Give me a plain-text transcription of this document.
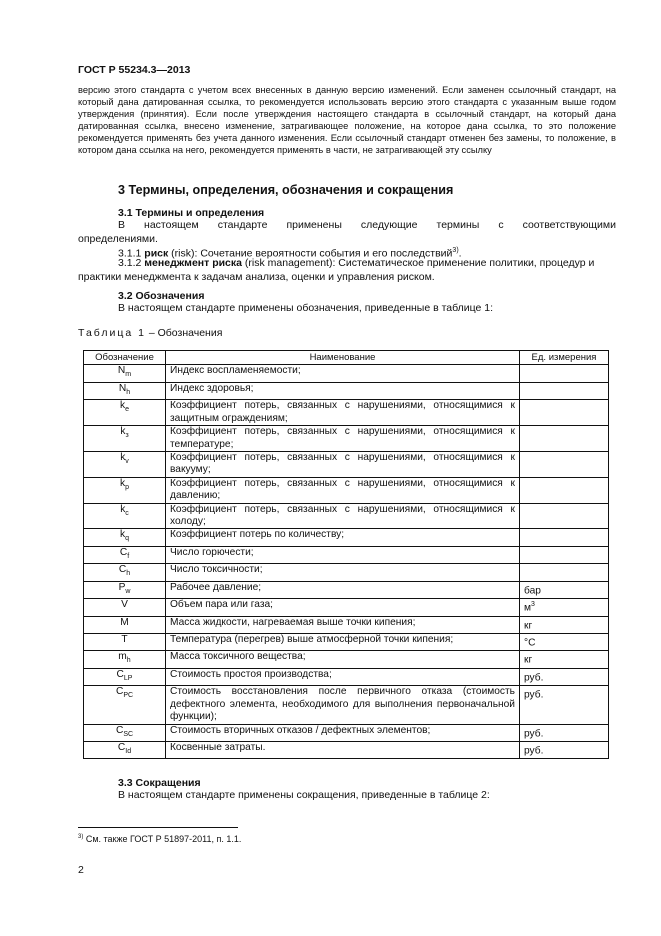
ГОСТ Р 55234.3—2013
версию этого стандарта с учетом всех внесенных в данную версию изменений. Если заменен ссылочный стандарт, на который дана датированная ссылка, то рекомендуется использовать версию этого стандарта с указанным выше годом утверждения (принятия). Если после утверждения настоящего стандарта в ссылочный стандарт, на который дана датированная ссылка, внесено изменение, затрагивающее положение, на которое дана ссылка, то это положение рекомендуется применять без учета данного изменения. Если ссылочный стандарт отменен без замены, то положение, в котором дана ссылка на него, рекомендуется применять в части, не затрагивающей эту ссылку
3 Термины, определения, обозначения и сокращения
3.1 Термины и определения
В настоящем стандарте применены следующие термины с соответствующими
определениями.
3.1.1 риск (risk): Сочетание вероятности события и его последствий$^{3)}$.
3.1.2 менеджмент риска (risk management): Систематическое применение политики, процедур и практики менеджмента к задачам анализа, оценки и управления риском.
3.2 Обозначения
В настоящем стандарте применены обозначения, приведенные в таблице 1:
Таблица 1 – Обозначения
Обозначение	Наименование	Ед. измерения
$N_m$	Индекс воспламеняемости;	
$N_h$	Индекс здоровья;	
$k_e$	Коэффициент потерь, связанных с нарушениями, относящимися к защитным ограждениям;	
$k_з$	Коэффициент потерь, связанных с нарушениями, относящимися к температуре;	
$k_v$	Коэффициент потерь, связанных с нарушениями, относящимися к вакууму;	
$k_p$	Коэффициент потерь, связанных с нарушениями, относящимися к давлению;	
$k_c$	Коэффициент потерь, связанных с нарушениями, относящимися к холоду;	
$k_q$	Коэффициент потерь по количеству;	
$C_f$	Число горючести;	
$C_h$	Число токсичности;	
$P_w$	Рабочее давление;	бар
V	Объем пара или газа;	$м^3$
M	Масса жидкости, нагреваемая выше точки кипения;	кг
T	Температура (перегрев) выше атмосферной точки кипения;	°С
$m_h$	Масса токсичного вещества;	кг
$C_{LP}$	Стоимость простоя производства;	руб.
$C_{PC}$	Стоимость восстановления после первичного отказа (стоимость дефектного элемента, необходимого для выполнения первоначальной функции);	руб.
$C_{SC}$	Стоимость вторичных отказов / дефектных элементов;	руб.
$C_{Id}$	Косвенные затраты.	руб.
3.3 Сокращения
В настоящем стандарте применены сокращения, приведенные в таблице 2:
$^{3)}$ См. также ГОСТ Р 51897-2011, п. 1.1.
2
